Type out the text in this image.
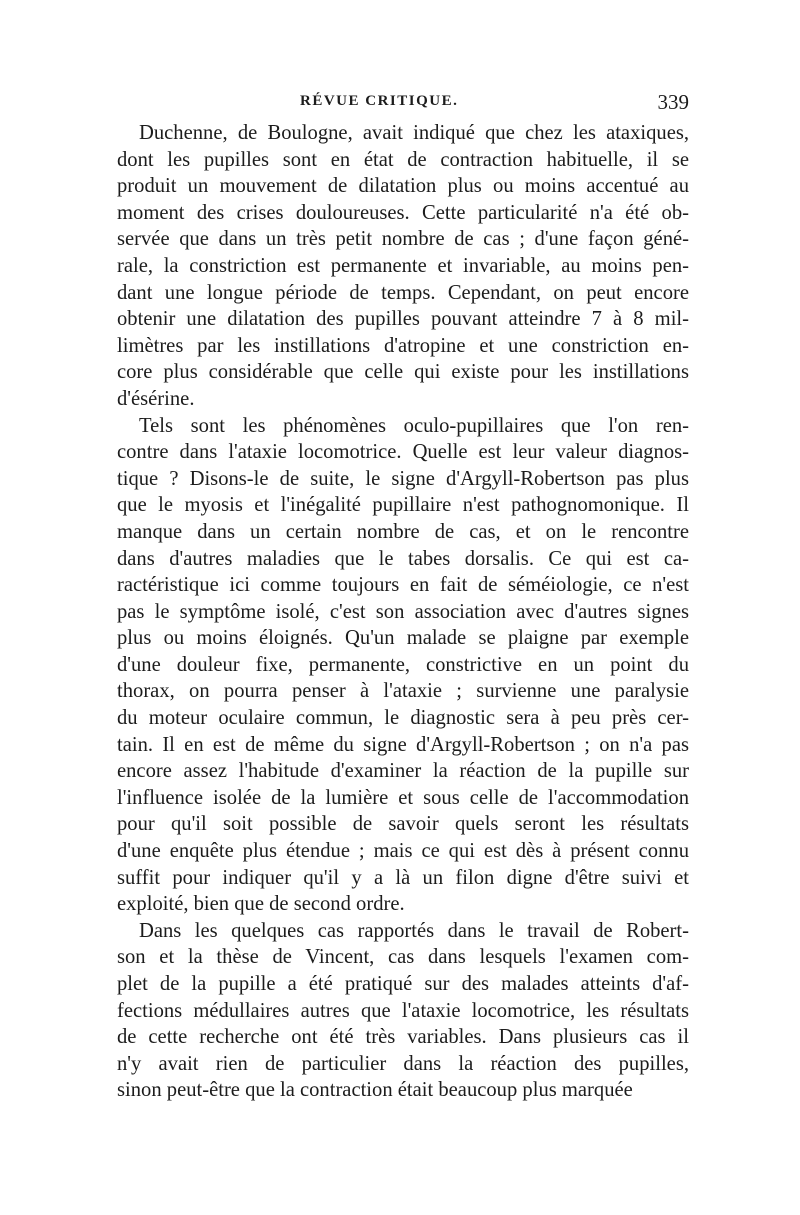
RÉVUE CRITIQUE.	339
Duchenne, de Boulogne, avait indiqué que chez les ataxiques,
dont les pupilles sont en état de contraction habituelle, il se
produit un mouvement de dilatation plus ou moins accentué au
moment des crises douloureuses. Cette particularité n'a été ob-
servée que dans un très petit nombre de cas ; d'une façon géné-
rale, la constriction est permanente et invariable, au moins pen-
dant une longue période de temps. Cependant, on peut encore
obtenir une dilatation des pupilles pouvant atteindre 7 à 8 mil-
limètres par les instillations d'atropine et une constriction en-
core plus considérable que celle qui existe pour les instillations
d'ésérine.
Tels sont les phénomènes oculo-pupillaires que l'on ren-
contre dans l'ataxie locomotrice. Quelle est leur valeur diagnos-
tique ? Disons-le de suite, le signe d'Argyll-Robertson pas plus
que le myosis et l'inégalité pupillaire n'est pathognomonique. Il
manque dans un certain nombre de cas, et on le rencontre
dans d'autres maladies que le tabes dorsalis. Ce qui est ca-
ractéristique ici comme toujours en fait de séméiologie, ce n'est
pas le symptôme isolé, c'est son association avec d'autres signes
plus ou moins éloignés. Qu'un malade se plaigne par exemple
d'une douleur fixe, permanente, constrictive en un point du
thorax, on pourra penser à l'ataxie ; survienne une paralysie
du moteur oculaire commun, le diagnostic sera à peu près cer-
tain. Il en est de même du signe d'Argyll-Robertson ; on n'a pas
encore assez l'habitude d'examiner la réaction de la pupille sur
l'influence isolée de la lumière et sous celle de l'accommodation
pour qu'il soit possible de savoir quels seront les résultats
d'une enquête plus étendue ; mais ce qui est dès à présent connu
suffit pour indiquer qu'il y a là un filon digne d'être suivi et
exploité, bien que de second ordre.
Dans les quelques cas rapportés dans le travail de Robert-
son et la thèse de Vincent, cas dans lesquels l'examen com-
plet de la pupille a été pratiqué sur des malades atteints d'af-
fections médullaires autres que l'ataxie locomotrice, les résultats
de cette recherche ont été très variables. Dans plusieurs cas il
n'y avait rien de particulier dans la réaction des pupilles,
sinon peut-être que la contraction était beaucoup plus marquée
